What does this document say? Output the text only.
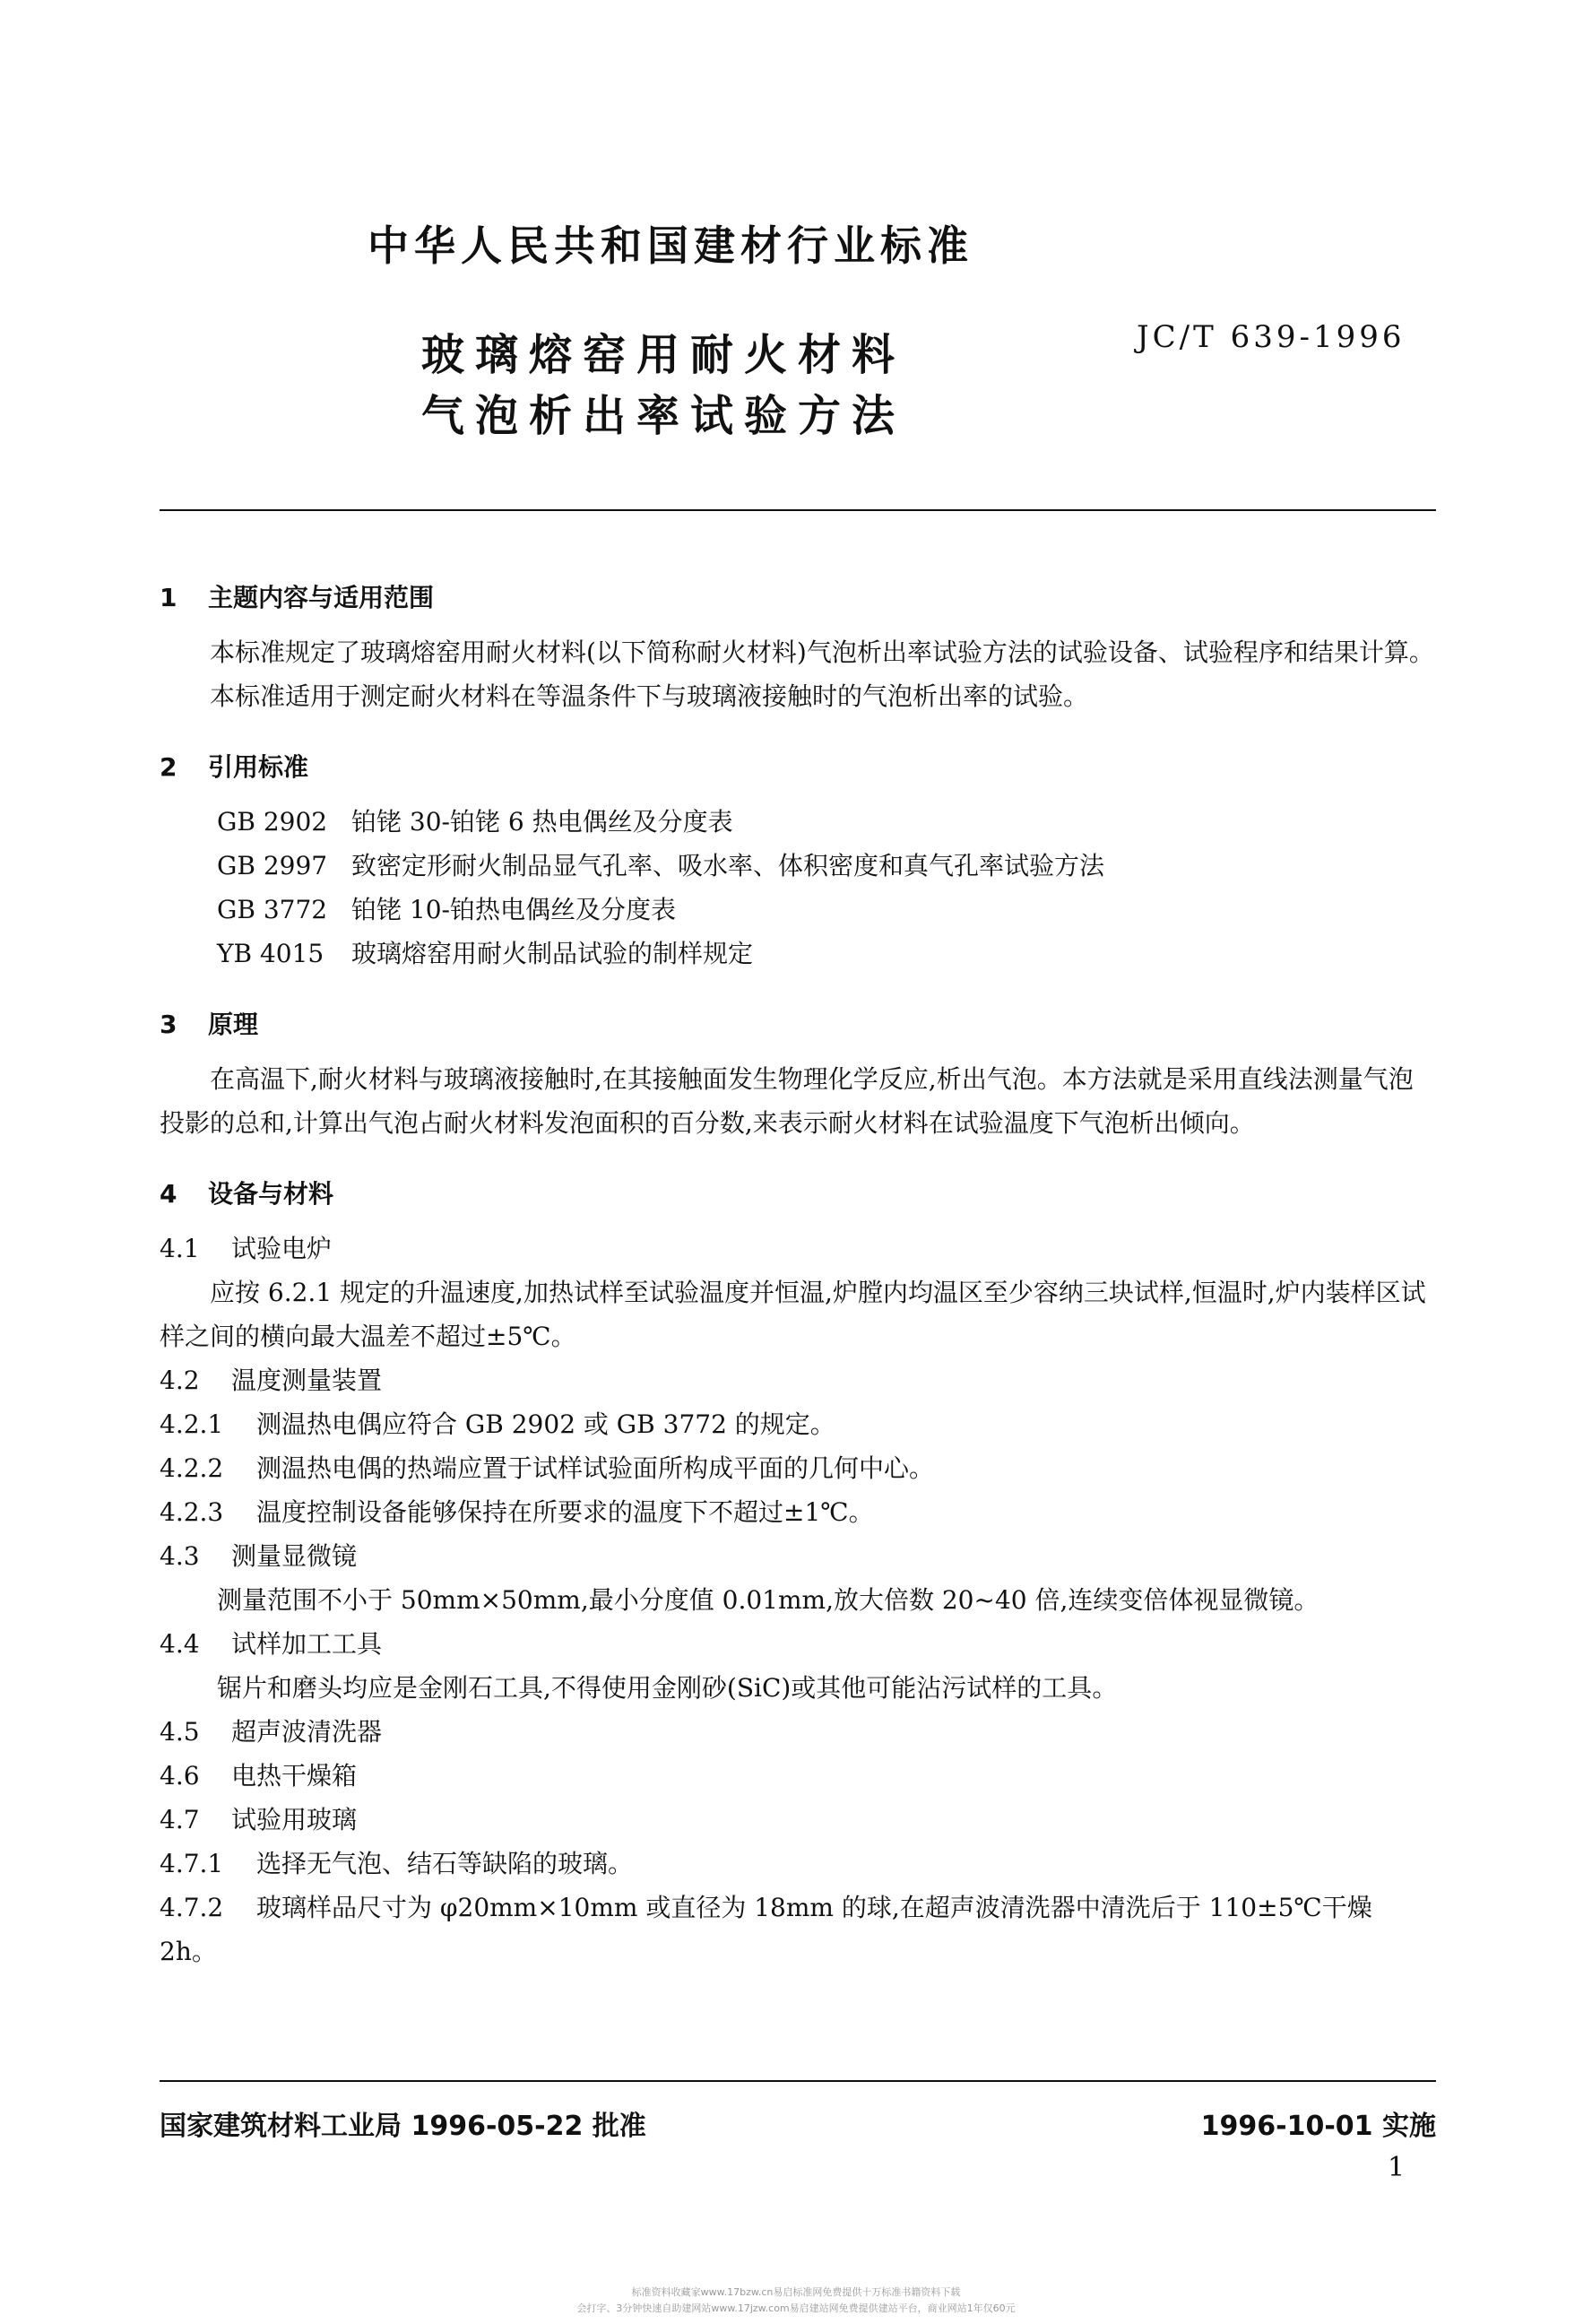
中华人民共和国建材行业标准
玻璃熔窑用耐火材料
气泡析出率试验方法
JC/T 639-1996
1 主题内容与适用范围

本标准规定了玻璃熔窑用耐火材料(以下简称耐火材料)气泡析出率试验方法的试验设备、试验程序和结果计算。

本标准适用于测定耐火材料在等温条件下与玻璃液接触时的气泡析出率的试验。

2 引用标准
GB 2902 铂铑 30-铂铑 6 热电偶丝及分度表
GB 2997 致密定形耐火制品显气孔率、吸水率、体积密度和真气孔率试验方法
GB 3772 铂铑 10-铂热电偶丝及分度表
YB 4015 玻璃熔窑用耐火制品试验的制样规定
3 原理

在高温下,耐火材料与玻璃液接触时,在其接触面发生物理化学反应,析出气泡。本方法就是采用直线法测量气泡投影的总和,计算出气泡占耐火材料发泡面积的百分数,来表示耐火材料在试验温度下气泡析出倾向。

4 设备与材料
4.1 试验电炉

应按 6.2.1 规定的升温速度,加热试样至试验温度并恒温,炉膛内均温区至少容纳三块试样,恒温时,炉内装样区试样之间的横向最大温差不超过±5℃。

4.2 温度测量装置
4.2.1 测温热电偶应符合 GB 2902 或 GB 3772 的规定。
4.2.2 测温热电偶的热端应置于试样试验面所构成平面的几何中心。
4.2.3 温度控制设备能够保持在所要求的温度下不超过±1℃。
4.3 测量显微镜

测量范围不小于 50mm×50mm,最小分度值 0.01mm,放大倍数 20~40 倍,连续变倍体视显微镜。

4.4 试样加工工具

锯片和磨头均应是金刚石工具,不得使用金刚砂(SiC)或其他可能沾污试样的工具。

4.5 超声波清洗器
4.6 电热干燥箱
4.7 试验用玻璃
4.7.1 选择无气泡、结石等缺陷的玻璃。
4.7.2 玻璃样品尺寸为 φ20mm×10mm 或直径为 18mm 的球,在超声波清洗器中清洗后于 110±5℃干燥 2h。
国家建筑材料工业局 1996-05-22 批准	1996-10-01 实施
1
标准资料收藏家www.17bzw.cn易启标准网免费提供十万标准书籍资料下载
会打字、3分钟快速自助建网站www.17jzw.com易启建站网免费提供建站平台，商业网站1年仅60元
